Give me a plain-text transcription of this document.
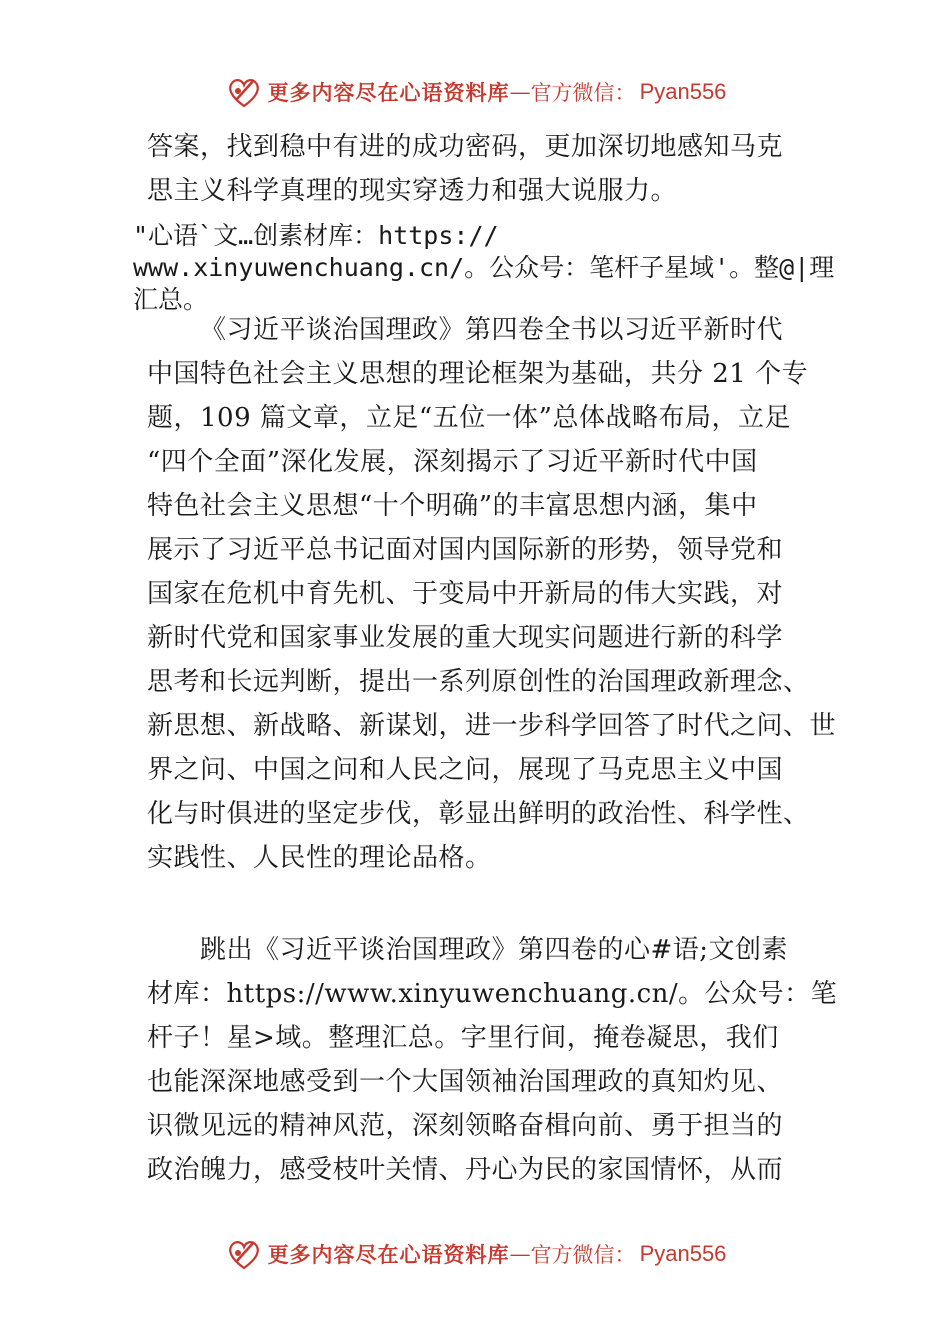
更多内容尽在心语资料库 — 官方微信： Pyan556
答案，找到稳中有进的成功密码，更加深切地感知马克
思主义科学真理的现实穿透力和强大说服力。
"心语`文…创素材库：https://
www.xinyuwenchuang.cn/。公众号：笔杆子星域'。整@|理
汇总。
《习近平谈治国理政》第四卷全书以习近平新时代
中国特色社会主义思想的理论框架为基础，共分 21 个专
题，109 篇文章，立足“五位一体”总体战略布局，立足
“四个全面”深化发展，深刻揭示了习近平新时代中国
特色社会主义思想“十个明确”的丰富思想内涵，集中
展示了习近平总书记面对国内国际新的形势，领导党和
国家在危机中育先机、于变局中开新局的伟大实践，对
新时代党和国家事业发展的重大现实问题进行新的科学
思考和长远判断，提出一系列原创性的治国理政新理念、
新思想、新战略、新谋划，进一步科学回答了时代之问、世
界之问、中国之问和人民之问，展现了马克思主义中国
化与时俱进的坚定步伐，彰显出鲜明的政治性、科学性、
实践性、人民性的理论品格。
跳出《习近平谈治国理政》第四卷的心#语;文创素
材库：https://www.xinyuwenchuang.cn/。公众号：笔
杆子！星>域。整理汇总。字里行间，掩卷凝思，我们
也能深深地感受到一个大国领袖治国理政的真知灼见、
识微见远的精神风范，深刻领略奋楫向前、勇于担当的
政治魄力，感受枝叶关情、丹心为民的家国情怀，从而
更多内容尽在心语资料库 — 官方微信： Pyan556
